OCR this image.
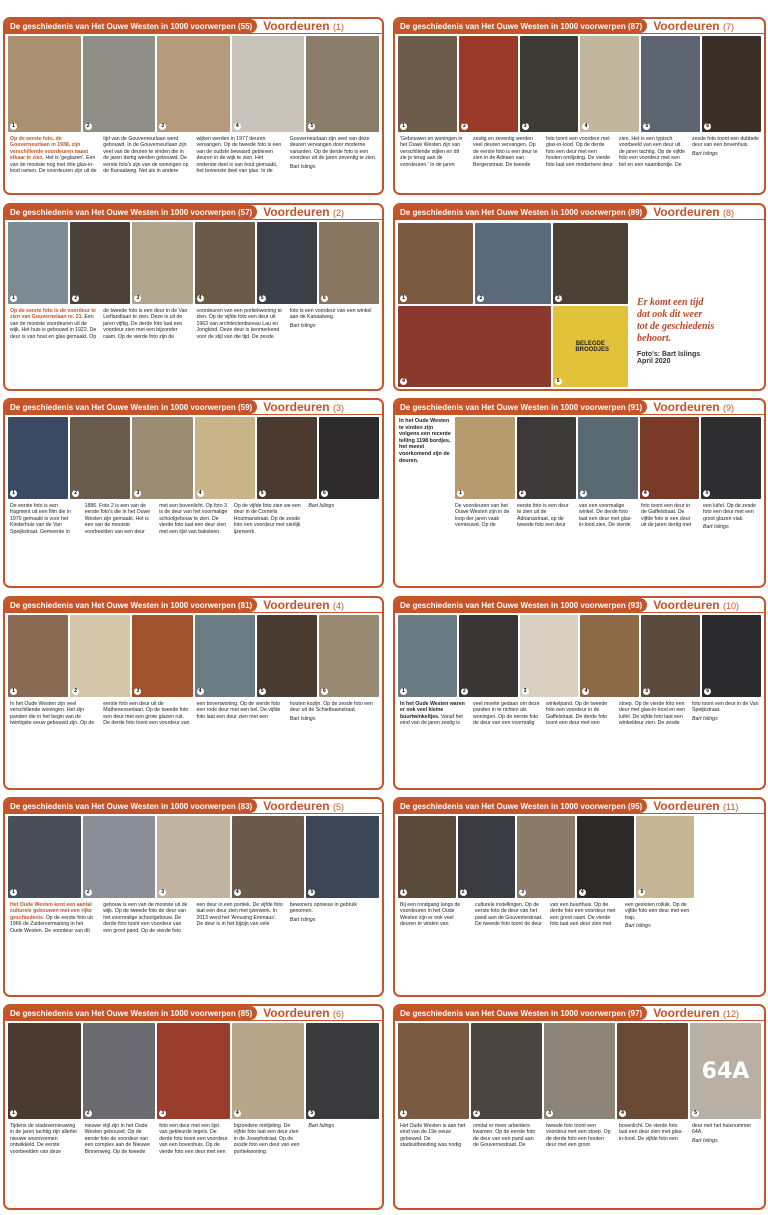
De geschiedenis van Het Ouwe Westen in 1000 voorwerpen
(55) Voordeuren (1)
1	2	3	4	5

Op de eerste foto, de Gouverneurlaan in 1938, zijn verschillende voordeuren naast elkaar te zien. Het is 'geglazen'. Een van de mooiste nog met drie glas-in-lood ramen. De voordeuren zijn uit de tijd van de Gouverneurlaan werd gebouwd. In de Gouverneurlaan zijn veel van de deuren te vinden die in de jaren dertig werden gebouwd. De eerste foto's zijn van de woningen op de Kanaalweg. Net als in andere wijken werden in 1977 deuren vervangen. Op de tweede foto is een van de oudste bewaard gebleven deuren in de wijk te zien. Het onderste deel is van hout gemaakt, het bovenste deel van glas. In de Gouverneurlaan zijn veel van deze deuren vervangen door moderne varianten. Op de derde foto is een voordeur uit de jaren zeventig te zien.

Bart Islings

De geschiedenis van Het Ouwe Westen in 1000 voorwerpen
(87) Voordeuren (7)
1	2	3	4	5	6

'Gebouwen en woningen in het Ouwe Westen zijn van verschillende stijlen en dit zie je terug aan de voordeuren.' In de jaren zestig en zeventig werden veel deuren vervangen. Op de eerste foto is een deur te zien in de Adriaen van Bergenstraat. De tweede foto toont een voordeur met glas-in-lood. Op de derde foto een deur met een houten omlijsting. De vierde foto laat een modernere deur zien. Het is een typisch voorbeeld van een deur uit de jaren tachtig. Op de vijfde foto een voordeur met een bel en een naambordje. De zesde foto toont een dubbele deur van een bovenhuis.

Bart Islings

De geschiedenis van Het Ouwe Westen in 1000 voorwerpen
(57) Voordeuren (2)
1	2	3	4	5	6

Op de eerste foto is de voordeur te zien van Gouvernelaan nr. 21. Een van de mooiste voordeuren uit de wijk. Het huis is gebouwd in 1922. De deur is van hout en glas gemaakt. Op de tweede foto is een deur in de Van Lieflandlaan te zien. Deze is uit de jaren vijftig. De derde foto laat een voordeur zien met een bijzonder raam. Op de vierde foto zijn de voordeuren van een portiekwoning te zien. Op de vijfde foto een deur uit 1963 van architectenbureau Lau en Jongkind. Deze deur is kenmerkend voor de stijl van die tijd. De zesde foto is een voordeur van een winkel aan de Kanaalweg.

Bart Islings

De geschiedenis van Het Ouwe Westen in 1000 voorwerpen
(89) Voordeuren (8)
1	2	3
4
BELEGDE BROODJES
5
Er komt een tijd
dat ook dit weer
tot de geschiedenis
behoort.
Foto's: Bart Islings
April 2020
De geschiedenis van Het Ouwe Westen in 1000 voorwerpen
(59) Voordeuren (3)
1	2	3	4	5	6

De eerste foto is een fragment uit een film die in 1970 gemaakt is voor het Kinderhuis van de Van Speijkstraat. Gemeente in 1886. Foto 2 is een van de eerste foto's die in het Ouwe Westen zijn gemaakt. Het is een van de mooiste voorbeelden van een deur met een bovenlicht. Op foto 3 is de deur van het voormalige schoolgebouw te zien. De vierde foto laat een deur zien met een lijst van baksteen. Op de vijfde foto zien we een deur in de Cornelis Houtmanstraat. Op de zesde foto een voordeur met sierlijk ijzerwerk.

Bart Islings

De geschiedenis van Het Ouwe Westen in 1000 voorwerpen
(91) Voordeuren (9)
In het Oude Westen te vinden zijn volgens een recente telling 1198 bordjes, het meest voorkomend zijn de deuren.
1	2	3	4	5

De voordeuren van het Ouwe Westen zijn in de loop der jaren vaak vernieuwd. Op de eerste foto is een deur te zien uit de Adrianastraat, op de tweede foto een deur van een voormalige winkel. De derde foto laat een deur met glas-in-lood zien. De vierde foto toont een deur in de Gaffelstraat. De vijfde foto is een deur uit de jaren dertig met een luifel. Op de zesde foto een deur met een groot glazen vlak.

Bart Islings

De geschiedenis van Het Ouwe Westen in 1000 voorwerpen
(81) Voordeuren (4)
1	2	3	4	5	6

In het Oude Westen zijn veel verschillende woningen. Het zijn panden die in het begin van de twintigste eeuw gebouwd zijn. Op de eerste foto een deur uit de Mathenesserlaan. Op de tweede foto een deur met een grote glazen ruit. De derde foto toont een voordeur van een bovenwoning. Op de vierde foto een rode deur met een bel. De vijfde foto laat een deur zien met een houten kozijn. Op de zesde foto een deur uit de Schietbaanstraat.

Bart Islings

De geschiedenis van Het Ouwe Westen in 1000 voorwerpen
(93) Voordeuren (10)
1	2	3	4	5	6

In het Oude Westen waren er ook veel kleine buurtwinkeltjes. Vanaf het eind van de jaren zestig is veel moeite gedaan om deze panden in te richten als woningen. Op de eerste foto de deur van een voormalig winkelpand. Op de tweede foto een voordeur in de Gaffelstraat. De derde foto toont een deur met een stoep. Op de vierde foto een deur met glas-in-lood en een luifel. De vijfde foto laat een winkeldeur zien. De zesde foto toont een deur in de Van Speijkstraat.

Bart Islings

De geschiedenis van Het Ouwe Westen in 1000 voorwerpen
(83) Voordeuren (5)
1	2	3	4	5

Het Oude Westen kent een aantal culturele gebouwen met een rijke geschiedenis. Op de eerste foto uit 1966 de Zuidervermaning in het Oude Westen. De voordeur van dit gebouw is een van de mooiste uit de wijk. Op de tweede foto de deur van het voormalige schoolgebouw. De derde foto toont een voordeur van een groot pand. Op de vierde foto een deur in een portiek. De vijfde foto laat een deur zien met ijzerwerk. In 2013 werd het 'Amusing Emmaus'. De deur is in het bijzijn van vele bewoners opnieuw in gebruik genomen.

Bart Islings

De geschiedenis van Het Ouwe Westen in 1000 voorwerpen
(95) Voordeuren (11)
1	2	3	4	5

Bij een rondgang langs de voordeuren in het Oude Westen zijn er ook veel deuren te vinden van culturele instellingen. Op de eerste foto de deur van het pand aan de Gouvernestraat. De tweede foto toont de deur van een buurthuis. Op de derde foto een voordeur met een groot raam. De vierde foto laat een deur zien met een gesloten rolluik. Op de vijfde foto een deur met een trap.

Bart Islings

De geschiedenis van Het Ouwe Westen in 1000 voorwerpen
(85) Voordeuren (6)
1	2	3	4	5

Tijdens de stadsvernieuwing in de jaren tachtig zijn allerlei nieuwe woonvormen ontwikkeld. De eerste voorbeelden van deze nieuwe stijl zijn in het Oude Westen gebouwd. Op de eerste foto de voordeur van een complex aan de Nieuwe Binnenweg. Op de tweede foto een deur met een lijst van gekleurde tegels. De derde foto toont een voordeur van een bovenhuis. Op de vierde foto een deur met een bijzondere omlijsting. De vijfde foto laat een deur zien in de Josephstraat. Op de zesde foto een deur van een portiekwoning.

Bart Islings

De geschiedenis van Het Ouwe Westen in 1000 voorwerpen
(97) Voordeuren (12)
1	2	3	4
64A
5

Het Oude Westen is aan het eind van de 19e eeuw gebouwd. De stadsuitbreiding was nodig omdat er meer arbeiders kwamen. Op de eerste foto de deur van een pand aan de Gouvernestraat. De tweede foto toont een voordeur met een stoep. Op de derde foto een houten deur met een groot bovenlicht. De vierde foto laat een deur zien met glas-in-lood. De vijfde foto een deur met het huisnummer 64A.

Bart Islings
